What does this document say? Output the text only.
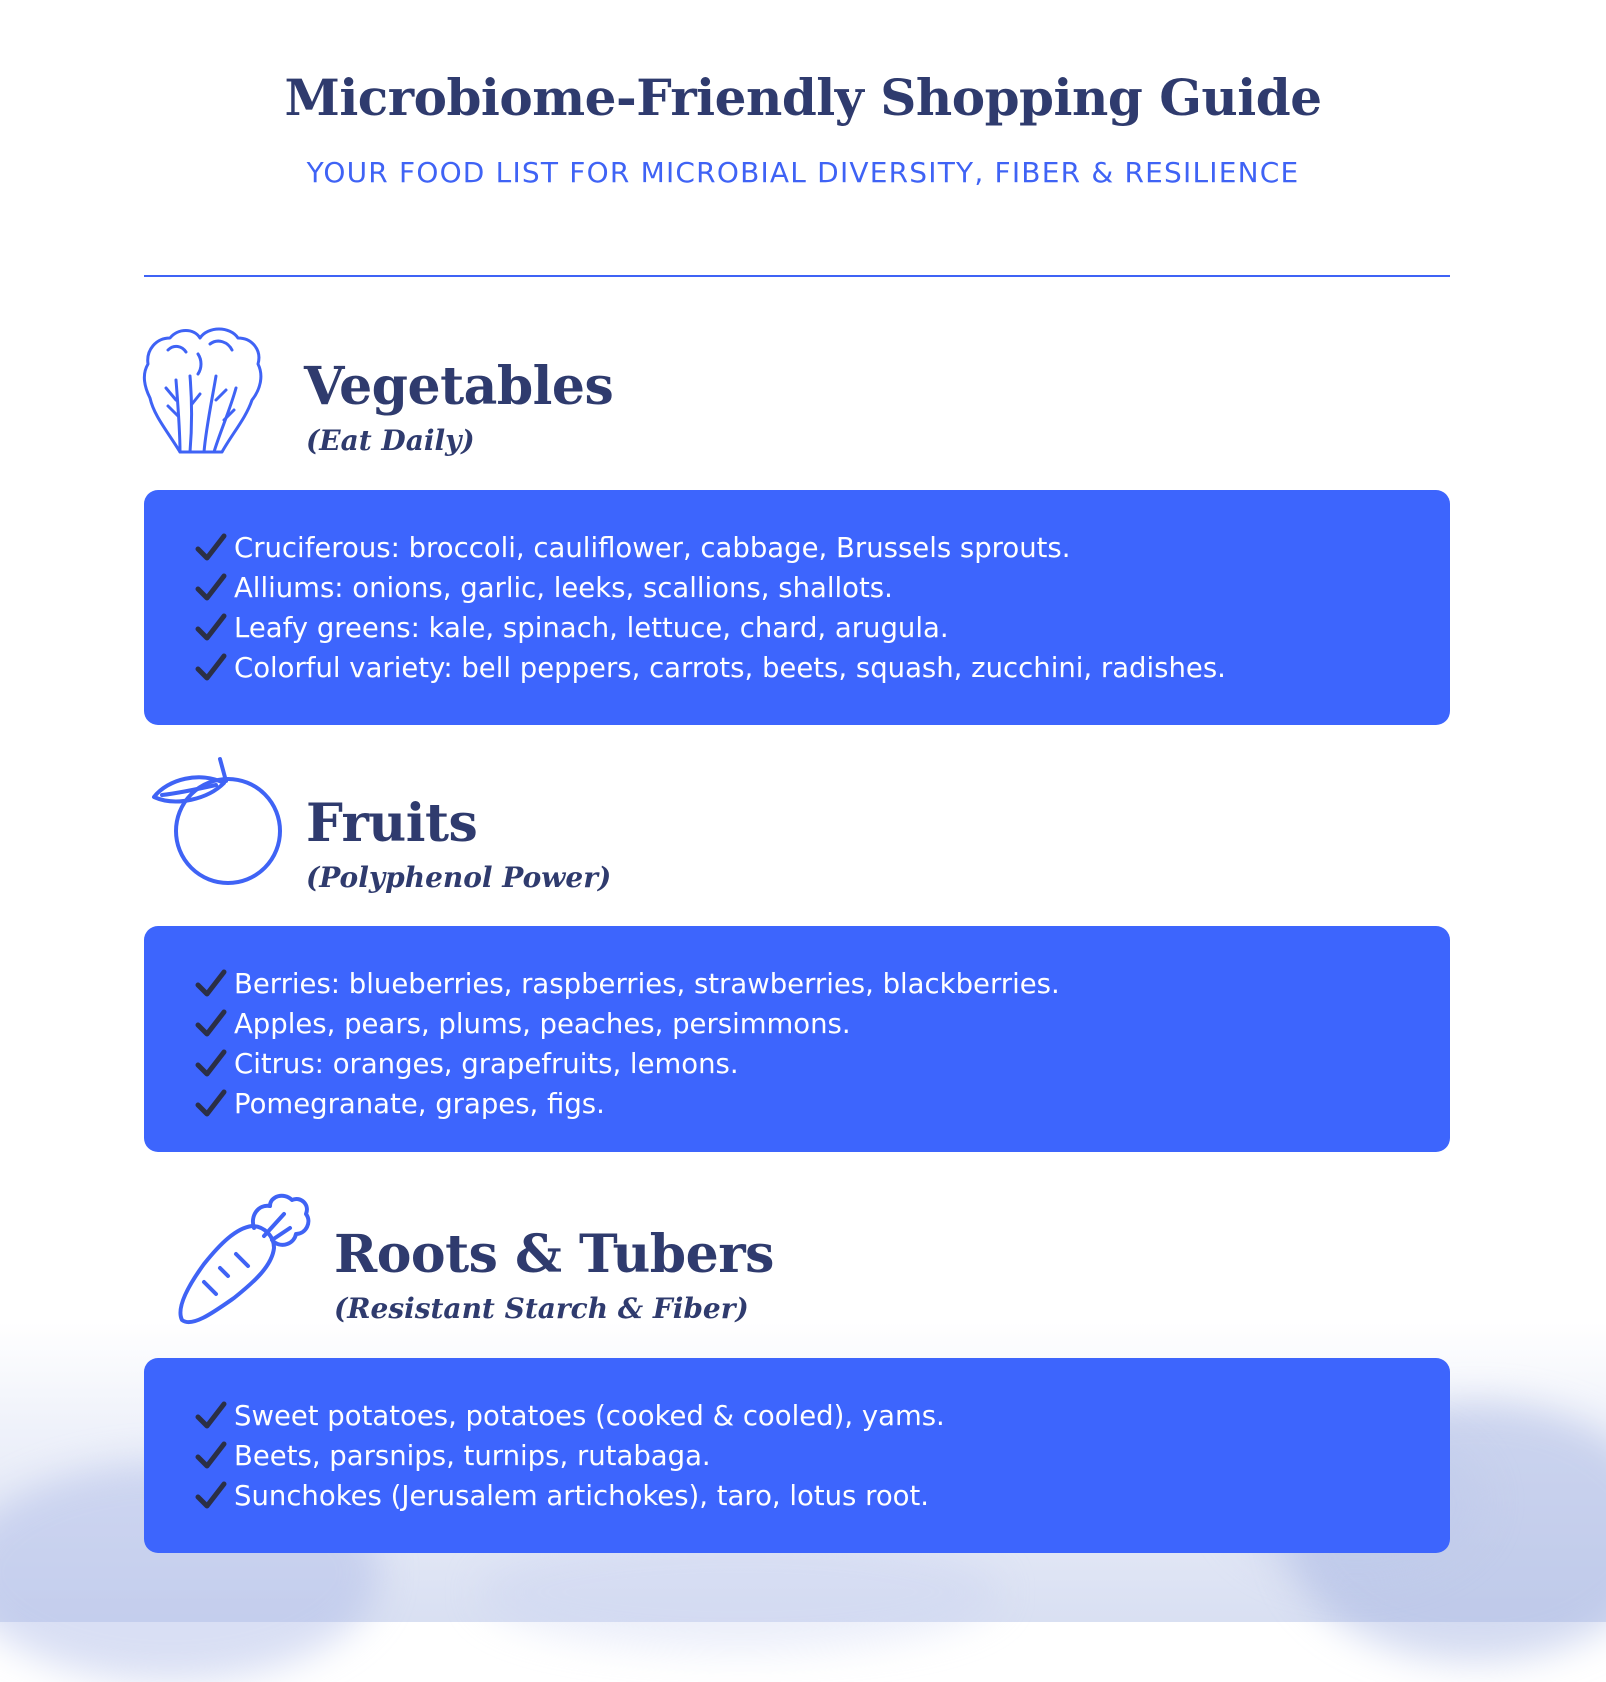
Microbiome-Friendly Shopping Guide

YOUR FOOD LIST FOR MICROBIAL DIVERSITY, FIBER & RESILIENCE

Vegetables
(Eat Daily)
Cruciferous: broccoli, cauliflower, cabbage, Brussels sprouts.
Alliums: onions, garlic, leeks, scallions, shallots.
Leafy greens: kale, spinach, lettuce, chard, arugula.
Colorful variety: bell peppers, carrots, beets, squash, zucchini, radishes.
Fruits
(Polyphenol Power)
Berries: blueberries, raspberries, strawberries, blackberries.
Apples, pears, plums, peaches, persimmons.
Citrus: oranges, grapefruits, lemons.
Pomegranate, grapes, figs.
Roots & Tubers
(Resistant Starch & Fiber)
Sweet potatoes, potatoes (cooked & cooled), yams.
Beets, parsnips, turnips, rutabaga.
Sunchokes (Jerusalem artichokes), taro, lotus root.
